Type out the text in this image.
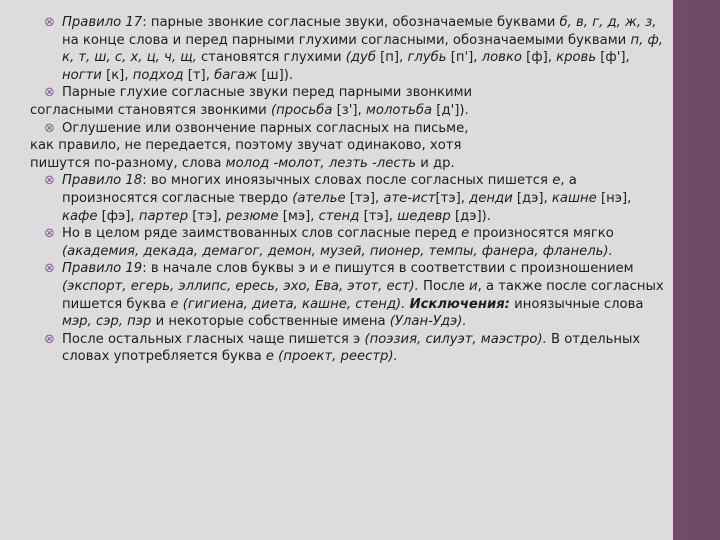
⊗ Правило 17: парные звонкие согласные звуки, обозначаемые буквами б, в, г, д, ж, з, на конце слова и перед парными глухими согласными, обозначаемыми буквами п, ф, к, т, ш, с, х, ц, ч, щ, становятся глухими (дуб [п], глубь [п'], ловко [ф], кровь [ф'], ногти [к], подход [т], багаж [ш]).

⊗ Парные глухие согласные звуки перед парными звонкими

согласными становятся звонкими (просьба [з'], молотьба [д']).

⊗ Оглушение или озвончение парных согласных на письме,

как правило, не передается, поэтому звучат одинаково, хотя

пишутся по-разному, слова молод -молот, лезть -лесть и др.

⊗ Правило 18: во многих иноязычных словах после согласных пишется е, а произносятся согласные твердо (ателье [тэ], ате-ист[тэ], денди [дэ], кашне [нэ], кафе [фэ], партер [тэ], резюме [мэ], стенд [тэ], шедевр [дэ]).

⊗ Но в целом ряде заимствованных слов согласные перед е произносятся мягко (академия, декада, демагог, демон, музей, пионер, темпы, фанера, фланель).

⊗ Правило 19: в начале слов буквы э и е пишутся в соответствии с произношением (экспорт, егерь, эллипс, ересь, эхо, Ева, этот, ест). После и, а также после согласных пишется буква е (гигиена, диета, кашне, стенд). Исключения: иноязычные слова мэр, сэр, пэр и некоторые собственные имена (Улан-Удэ).

⊗ После остальных гласных чаще пишется э (поэзия, силуэт, маэстро). В отдельных словах употребляется буква е (проект, реестр).
